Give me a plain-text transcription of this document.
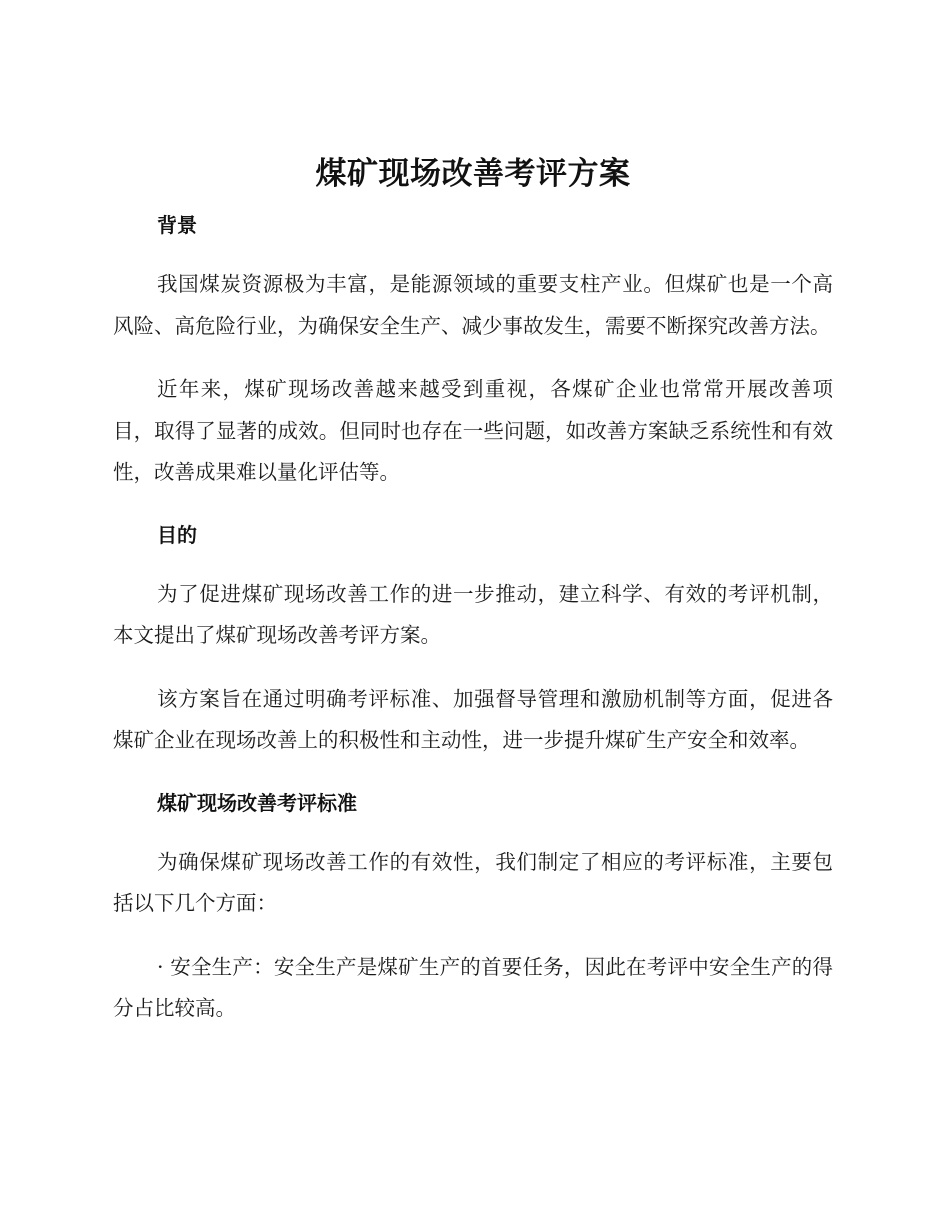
煤矿现场改善考评方案
背景

我国煤炭资源极为丰富，是能源领域的重要支柱产业。但煤矿也是一个高风险、高危险行业，为确保安全生产、减少事故发生，需要不断探究改善方法。

近年来，煤矿现场改善越来越受到重视，各煤矿企业也常常开展改善项目，取得了显著的成效。但同时也存在一些问题，如改善方案缺乏系统性和有效性，改善成果难以量化评估等。

目的

为了促进煤矿现场改善工作的进一步推动，建立科学、有效的考评机制，本文提出了煤矿现场改善考评方案。

该方案旨在通过明确考评标准、加强督导管理和激励机制等方面，促进各煤矿企业在现场改善上的积极性和主动性，进一步提升煤矿生产安全和效率。

煤矿现场改善考评标准

为确保煤矿现场改善工作的有效性，我们制定了相应的考评标准，主要包括以下几个方面：

· 安全生产：安全生产是煤矿生产的首要任务，因此在考评中安全生产的得分占比较高。
